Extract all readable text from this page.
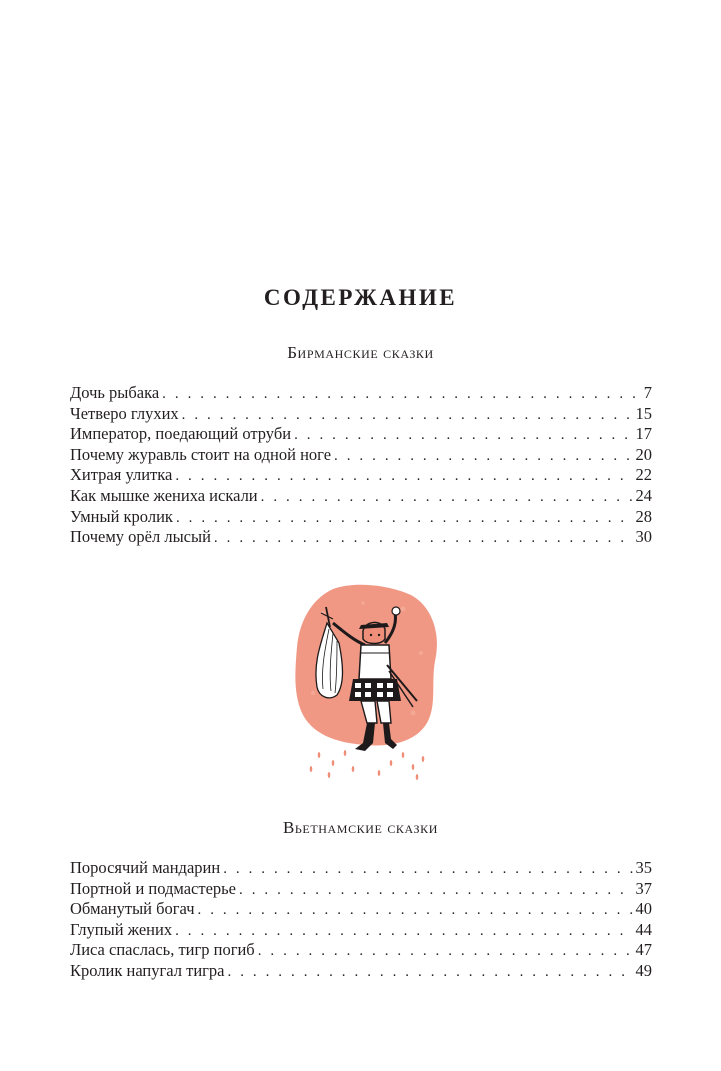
СОДЕРЖАНИЕ
Бирманские сказки
Дочь рыбака . . .	7
Четверо глухих . . .	15
Император, поедающий отруби . . .	17
Почему журавль стоит на одной ноге . . .	20
Хитрая улитка . . .	22
Как мышке жениха искали . . .	24
Умный кролик . . .	28
Почему орёл лысый . . .	30
Вьетнамские сказки
Поросячий мандарин . . .	35
Портной и подмастерье . . .	37
Обманутый богач . . .	40
Глупый жених . . .	44
Лиса спаслась, тигр погиб . . .	47
Кролик напугал тигра . . .	49
